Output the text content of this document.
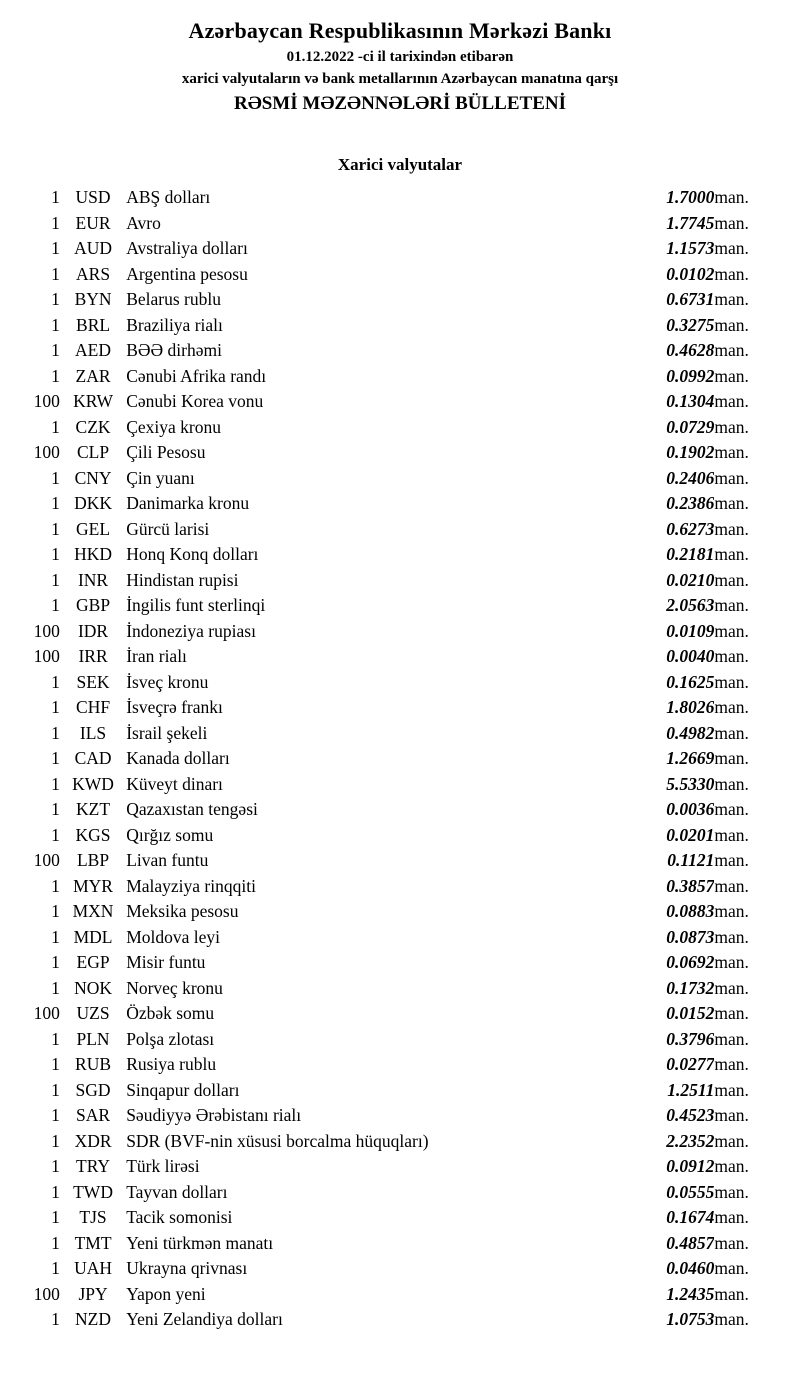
Azərbaycan Respublikasının Mərkəzi Bankı
01.12.2022 -ci il tarixindən etibarən
xarici valyutaların və bank metallarının Azərbaycan manatına qarşı
RƏSMİ MƏZƏNNƏLƏRİ BÜLLETENİ
Xarici valyutalar
1	USD	ABŞ dolları	1.7000	man.
1	EUR	Avro	1.7745	man.
1	AUD	Avstraliya dolları	1.1573	man.
1	ARS	Argentina pesosu	0.0102	man.
1	BYN	Belarus rublu	0.6731	man.
1	BRL	Braziliya rialı	0.3275	man.
1	AED	BƏƏ dirhəmi	0.4628	man.
1	ZAR	Cənubi Afrika randı	0.0992	man.
100	KRW	Cənubi Korea vonu	0.1304	man.
1	CZK	Çexiya kronu	0.0729	man.
100	CLP	Çili Pesosu	0.1902	man.
1	CNY	Çin yuanı	0.2406	man.
1	DKK	Danimarka kronu	0.2386	man.
1	GEL	Gürcü larisi	0.6273	man.
1	HKD	Honq Konq dolları	0.2181	man.
1	INR	Hindistan rupisi	0.0210	man.
1	GBP	İngilis funt sterlinqi	2.0563	man.
100	IDR	İndoneziya rupiası	0.0109	man.
100	IRR	İran rialı	0.0040	man.
1	SEK	İsveç kronu	0.1625	man.
1	CHF	İsveçrə frankı	1.8026	man.
1	ILS	İsrail şekeli	0.4982	man.
1	CAD	Kanada dolları	1.2669	man.
1	KWD	Küveyt dinarı	5.5330	man.
1	KZT	Qazaxıstan tengəsi	0.0036	man.
1	KGS	Qırğız somu	0.0201	man.
100	LBP	Livan funtu	0.1121	man.
1	MYR	Malayziya rinqqiti	0.3857	man.
1	MXN	Meksika pesosu	0.0883	man.
1	MDL	Moldova leyi	0.0873	man.
1	EGP	Misir funtu	0.0692	man.
1	NOK	Norveç kronu	0.1732	man.
100	UZS	Özbək somu	0.0152	man.
1	PLN	Polşa zlotası	0.3796	man.
1	RUB	Rusiya rublu	0.0277	man.
1	SGD	Sinqapur dolları	1.2511	man.
1	SAR	Səudiyyə Ərəbistanı rialı	0.4523	man.
1	XDR	SDR (BVF-nin xüsusi borcalma hüquqları)	2.2352	man.
1	TRY	Türk lirəsi	0.0912	man.
1	TWD	Tayvan dolları	0.0555	man.
1	TJS	Tacik somonisi	0.1674	man.
1	TMT	Yeni türkmən manatı	0.4857	man.
1	UAH	Ukrayna qrivnası	0.0460	man.
100	JPY	Yapon yeni	1.2435	man.
1	NZD	Yeni Zelandiya dolları	1.0753	man.
